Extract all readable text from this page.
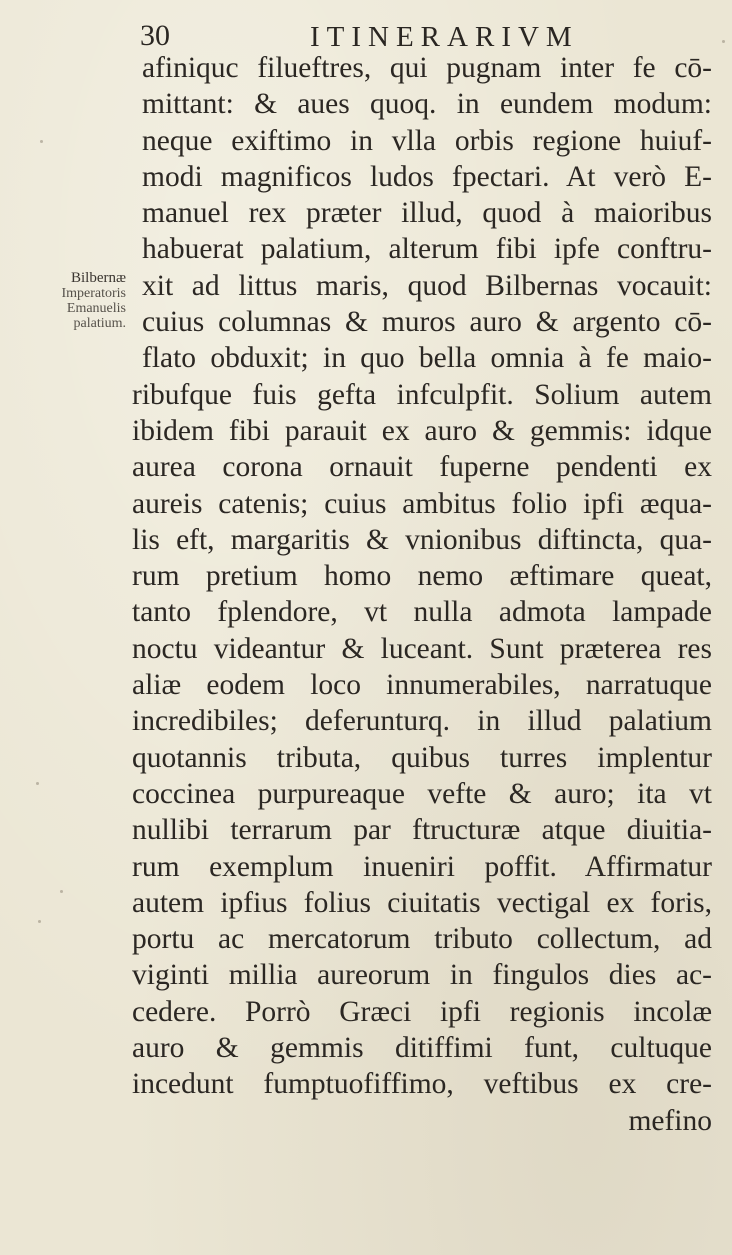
30	ITINERARIVM
Bilbernæ
Imperatoris
Emanuelis
palatium.
afiniquc filueftres, qui pugnam inter fe cō-
mittant: & aues quoq. in eundem modum:
neque exiftimo in vlla orbis regione huiuf-
modi magnificos ludos fpectari. At verò E-
manuel rex præter illud, quod à maioribus
habuerat palatium, alterum fibi ipfe conftru-
xit ad littus maris, quod Bilbernas vocauit:
cuius columnas & muros auro & argento cō-
flato obduxit; in quo bella omnia à fe maio-
ribufque fuis gefta infculpfit. Solium autem
ibidem fibi parauit ex auro & gemmis: idque
aurea corona ornauit fuperne pendenti ex
aureis catenis; cuius ambitus folio ipfi æqua-
lis eft, margaritis & vnionibus diftincta, qua-
rum pretium homo nemo æftimare queat,
tanto fplendore, vt nulla admota lampade
noctu videantur & luceant. Sunt præterea res
aliæ eodem loco innumerabiles, narratuque
incredibiles; deferunturq. in illud palatium
quotannis tributa, quibus turres implentur
coccinea purpureaque vefte & auro; ita vt
nullibi terrarum par ftructuræ atque diuitia-
rum exemplum inueniri poffit. Affirmatur
autem ipfius folius ciuitatis vectigal ex foris,
portu ac mercatorum tributo collectum, ad
viginti millia aureorum in fingulos dies ac-
cedere. Porrò Græci ipfi regionis incolæ
auro & gemmis ditiffimi funt, cultuque
incedunt fumptuofiffimo, veftibus ex cre-
mefino
